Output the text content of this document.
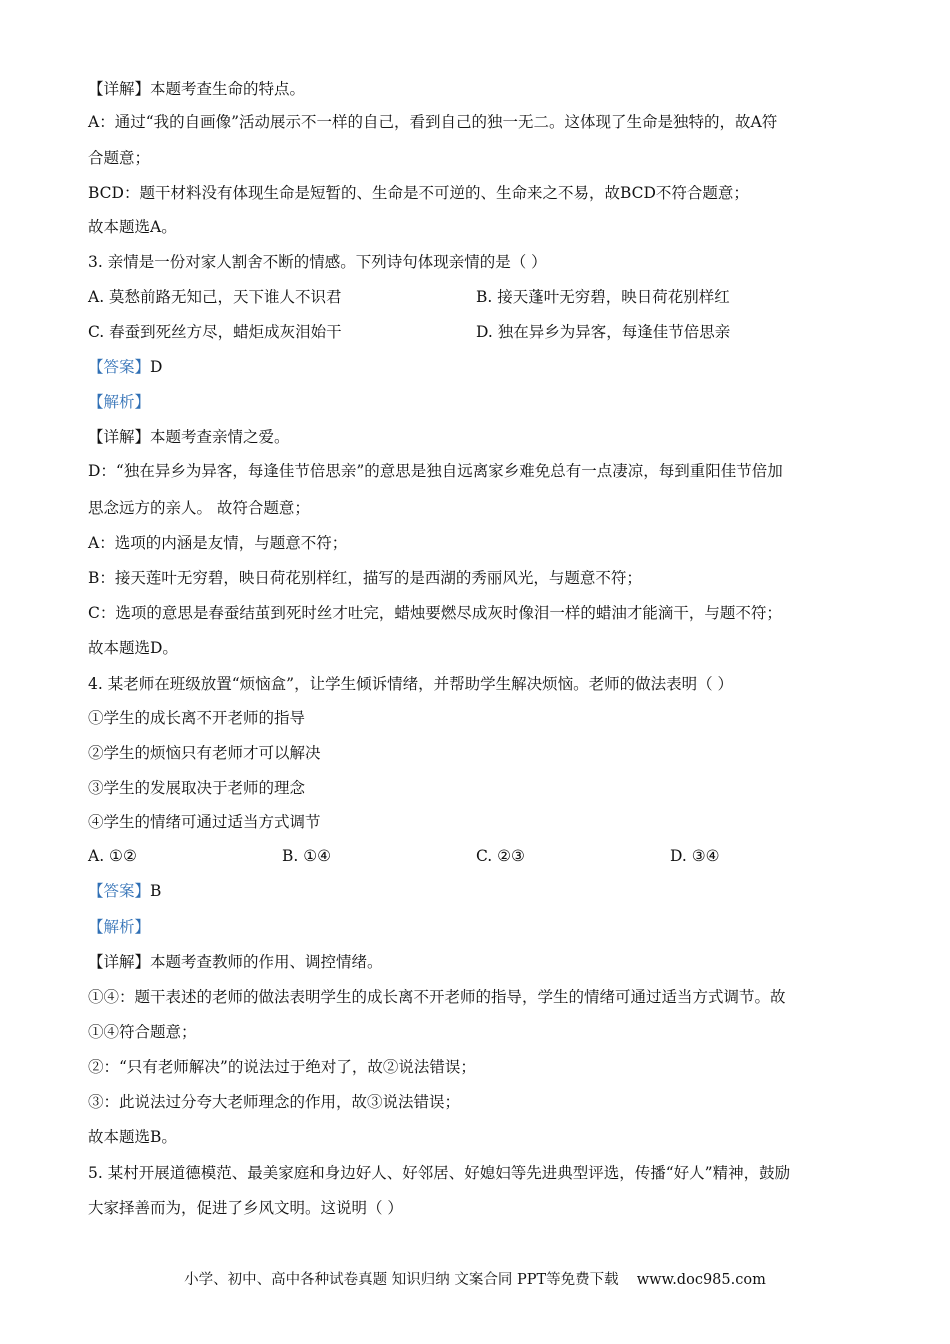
【详解】本题考查生命的特点。
A：通过“我的自画像”活动展示不一样的自己，看到自己的独一无二。这体现了生命是独特的，故A符
合题意；
BCD：题干材料没有体现生命是短暂的、生命是不可逆的、生命来之不易，故BCD不符合题意；
故本题选A。
3. 亲情是一份对家人割舍不断的情感。下列诗句体现亲情的是（ ）
A. 莫愁前路无知己，天下谁人不识君	B. 接天蓬叶无穷碧，映日荷花别样红
C. 春蚕到死丝方尽，蜡炬成灰泪始干	D. 独在异乡为异客，每逢佳节倍思亲
【答案】D
【解析】
【详解】本题考查亲情之爱。
D：“独在异乡为异客，每逢佳节倍思亲”的意思是独自远离家乡难免总有一点凄凉，每到重阳佳节倍加
思念远方的亲人。 故符合题意；
A：选项的内涵是友情，与题意不符；
B：接天莲叶无穷碧，映日荷花别样红，描写的是西湖的秀丽风光，与题意不符；
C：选项的意思是春蚕结茧到死时丝才吐完，蜡烛要燃尽成灰时像泪一样的蜡油才能滴干，与题不符；
故本题选D。
4. 某老师在班级放置“烦恼盒”，让学生倾诉情绪，并帮助学生解决烦恼。老师的做法表明（ ）
①学生的成长离不开老师的指导
②学生的烦恼只有老师才可以解决
③学生的发展取决于老师的理念
④学生的情绪可通过适当方式调节
A. ①②	B. ①④	C. ②③	D. ③④
【答案】B
【解析】
【详解】本题考查教师的作用、调控情绪。
①④：题干表述的老师的做法表明学生的成长离不开老师的指导，学生的情绪可通过适当方式调节。故
①④符合题意；
②：“只有老师解决”的说法过于绝对了，故②说法错误；
③：此说法过分夸大老师理念的作用，故③说法错误；
故本题选B。
5. 某村开展道德模范、最美家庭和身边好人、好邻居、好媳妇等先进典型评选，传播“好人”精神，鼓励
大家择善而为，促进了乡风文明。这说明（ ）
小学、初中、高中各种试卷真题 知识归纳 文案合同 PPT等免费下载 www.doc985.com
